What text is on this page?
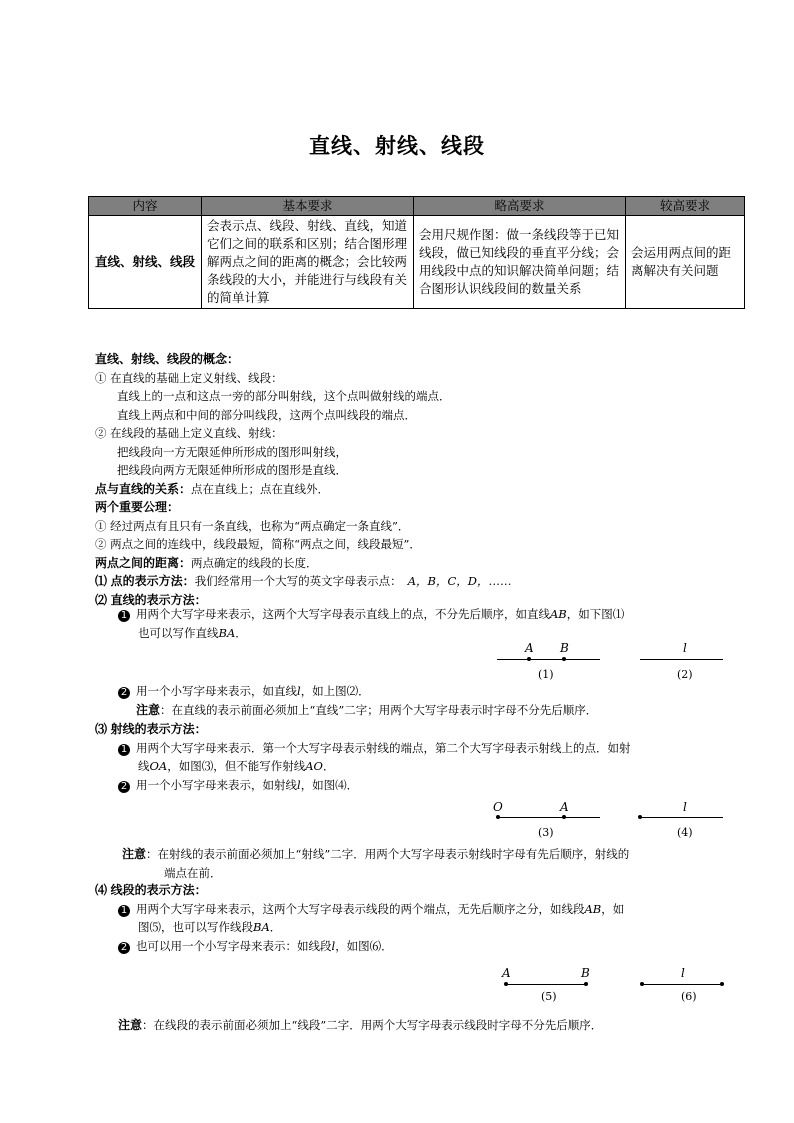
直线、射线、线段
内容	基本要求	略高要求	较高要求
直线、射线、线段	会表示点、线段、射线、直线，知道它们之间的联系和区别；结合图形理解两点之间的距离的概念；会比较两条线段的大小，并能进行与线段有关的简单计算	会用尺规作图：做一条线段等于已知线段，做已知线段的垂直平分线；会用线段中点的知识解决简单问题；结合图形认识线段间的数量关系	会运用两点间的距离解决有关问题
直线、射线、线段的概念：
① 在直线的基础上定义射线、线段：
直线上的一点和这点一旁的部分叫射线，这个点叫做射线的端点．
直线上两点和中间的部分叫线段，这两个点叫线段的端点．
② 在线段的基础上定义直线、射线：
把线段向一方无限延伸所形成的图形叫射线，
把线段向两方无限延伸所形成的图形是直线．
点与直线的关系：点在直线上；点在直线外．
两个重要公理：
① 经过两点有且只有一条直线，也称为“两点确定一条直线”．
② 两点之间的连线中，线段最短，简称“两点之间，线段最短”．
两点之间的距离：两点确定的线段的长度．
⑴ 点的表示方法：我们经常用一个大写的英文字母表示点： A，B，C，D，……
⑵ 直线的表示方法：
1 用两个大写字母来表示，这两个大写字母表示直线上的点，不分先后顺序，如直线AB，如下图⑴
也可以写作直线BA．
A B
(1)
l
(2)
2 用一个小写字母来表示，如直线l，如上图⑵．
注意：在直线的表示前面必须加上“直线”二字；用两个大写字母表示时字母不分先后顺序．
⑶ 射线的表示方法：
1 用两个大写字母来表示．第一个大写字母表示射线的端点，第二个大写字母表示射线上的点．如射
线OA，如图⑶，但不能写作射线AO．
2 用一个小写字母来表示，如射线l，如图⑷．
O	A
(3)
l
(4)
注意：在射线的表示前面必须加上“射线”二字．用两个大写字母表示射线时字母有先后顺序，射线的
端点在前．
⑷ 线段的表示方法：
1 用两个大写字母来表示，这两个大写字母表示线段的两个端点，无先后顺序之分，如线段AB，如
图⑸，也可以写作线段BA．
2 也可以用一个小写字母来表示：如线段l，如图⑹．
A	B
(5)
l
(6)
注意：在线段的表示前面必须加上“线段”二字．用两个大写字母表示线段时字母不分先后顺序．
